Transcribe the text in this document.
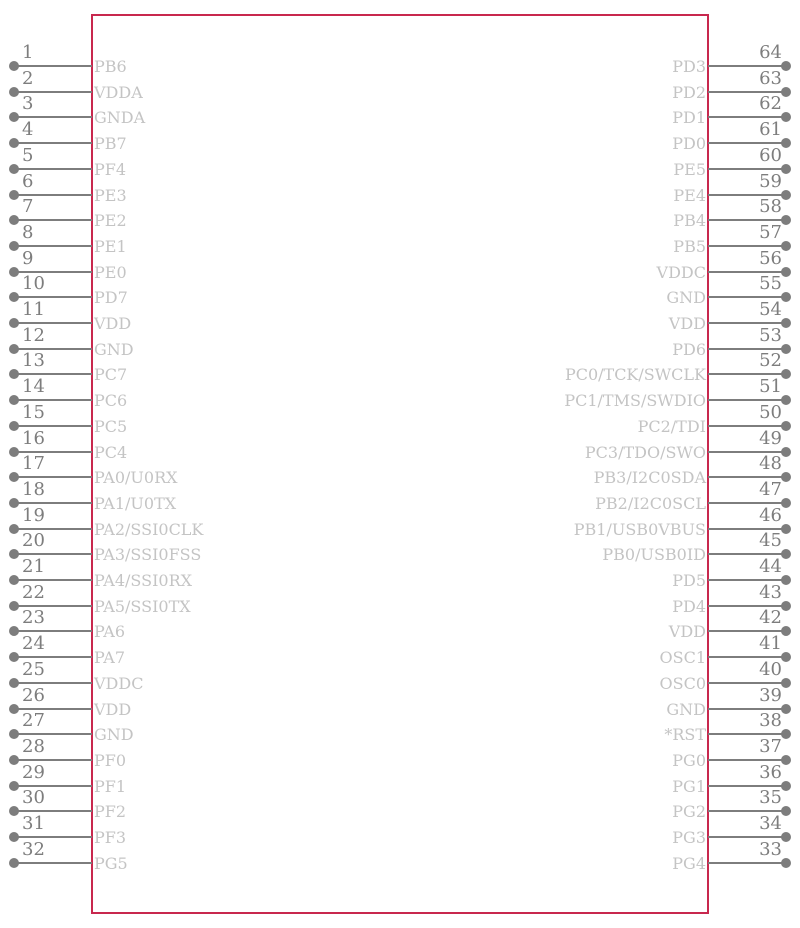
1
PB6
2
VDDA
3
GNDA
4
PB7
5
PF4
6
PE3
7
PE2
8
PE1
9
PE0
10
PD7
11
VDD
12
GND
13
PC7
14
PC6
15
PC5
16
PC4
17
PA0/U0RX
18
PA1/U0TX
19
PA2/SSI0CLK
20
PA3/SSI0FSS
21
PA4/SSI0RX
22
PA5/SSI0TX
23
PA6
24
PA7
25
VDDC
26
VDD
27
GND
28
PF0
29
PF1
30
PF2
31
PF3
32
PG5
64
PD3
63
PD2
62
PD1
61
PD0
60
PE5
59
PE4
58
PB4
57
PB5
56
VDDC
55
GND
54
VDD
53
PD6
52
PC0/TCK/SWCLK
51
PC1/TMS/SWDIO
50
PC2/TDI
49
PC3/TDO/SWO
48
PB3/I2C0SDA
47
PB2/I2C0SCL
46
PB1/USB0VBUS
45
PB0/USB0ID
44
PD5
43
PD4
42
VDD
41
OSC1
40
OSC0
39
GND
38
*RST
37
PG0
36
PG1
35
PG2
34
PG3
33
PG4
